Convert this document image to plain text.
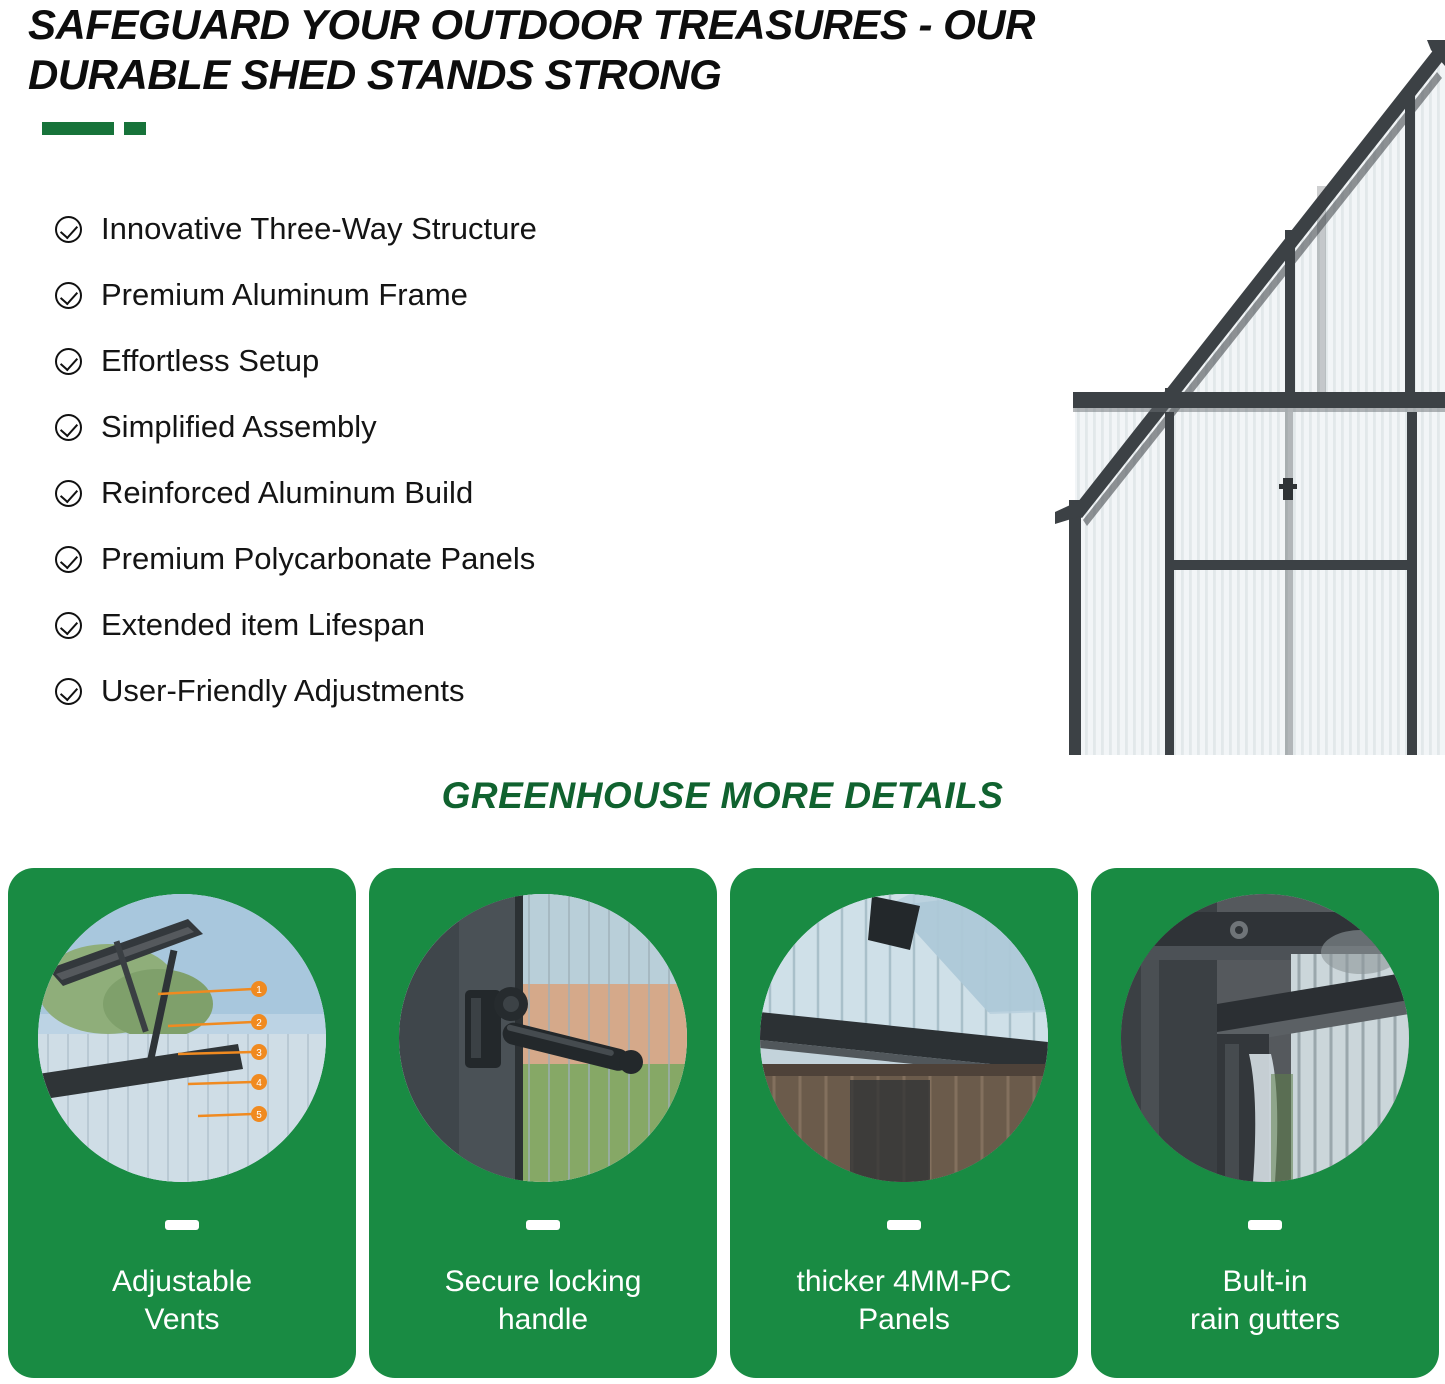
SAFEGUARD YOUR OUTDOOR TREASURES - OUR DURABLE SHED STANDS STRONG
Innovative Three-Way Structure
Premium Aluminum Frame
Effortless Setup
Simplified Assembly
Reinforced Aluminum Build
Premium Polycarbonate Panels
Extended item Lifespan
User-Friendly Adjustments
GREENHOUSE MORE DETAILS
1
2
3
4
5
Adjustable
Vents
Secure locking
handle
thicker 4MM-PC
Panels
Bult-in
rain gutters
